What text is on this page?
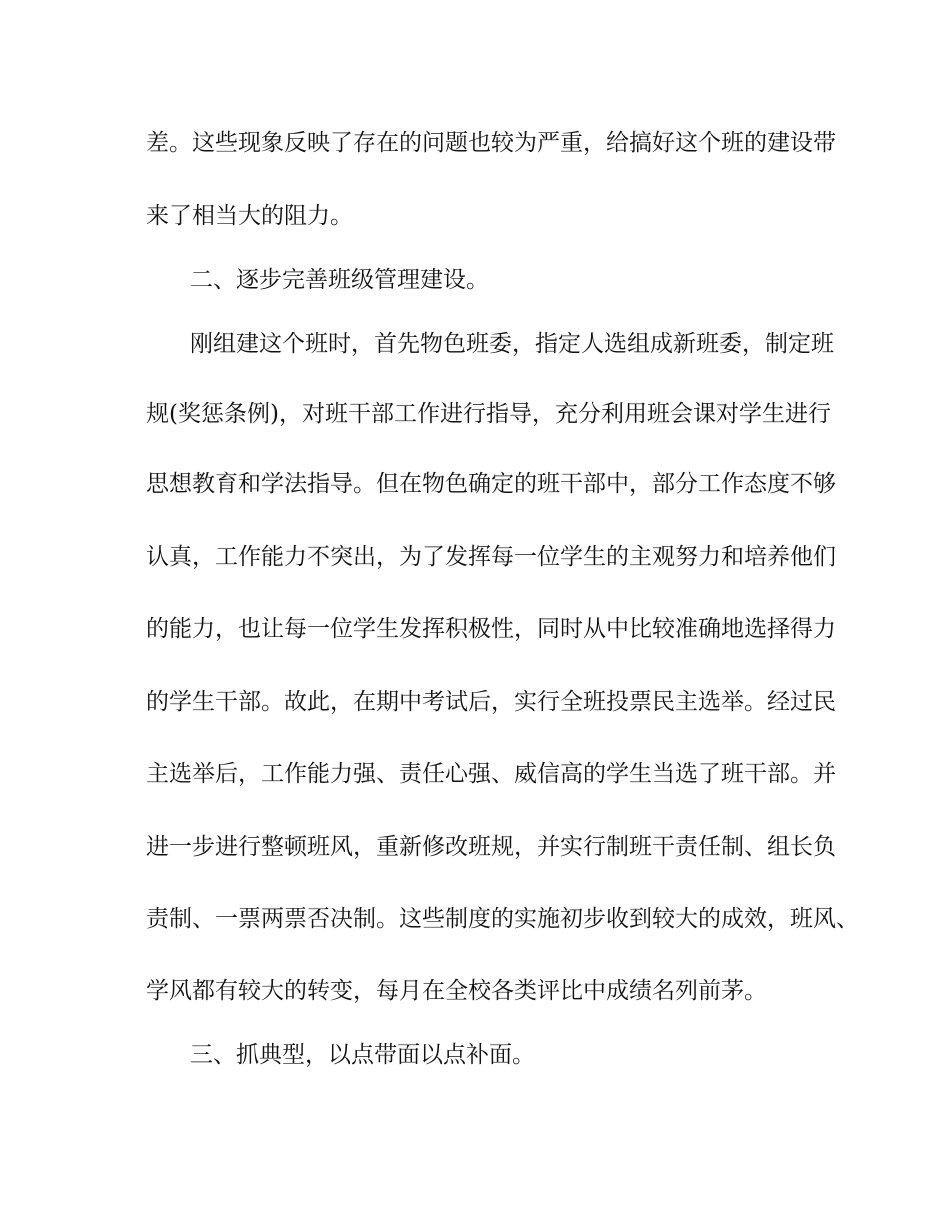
差。这些现象反映了存在的问题也较为严重，给搞好这个班的建设带
来了相当大的阻力。
二、逐步完善班级管理建设。
刚组建这个班时，首先物色班委，指定人选组成新班委，制定班
规(奖惩条例)，对班干部工作进行指导，充分利用班会课对学生进行
思想教育和学法指导。但在物色确定的班干部中，部分工作态度不够
认真，工作能力不突出，为了发挥每一位学生的主观努力和培养他们
的能力，也让每一位学生发挥积极性，同时从中比较准确地选择得力
的学生干部。故此，在期中考试后，实行全班投票民主选举。经过民
主选举后，工作能力强、责任心强、威信高的学生当选了班干部。并
进一步进行整顿班风，重新修改班规，并实行制班干责任制、组长负
责制、一票两票否决制。这些制度的实施初步收到较大的成效，班风、
学风都有较大的转变，每月在全校各类评比中成绩名列前茅。
三、抓典型，以点带面以点补面。
